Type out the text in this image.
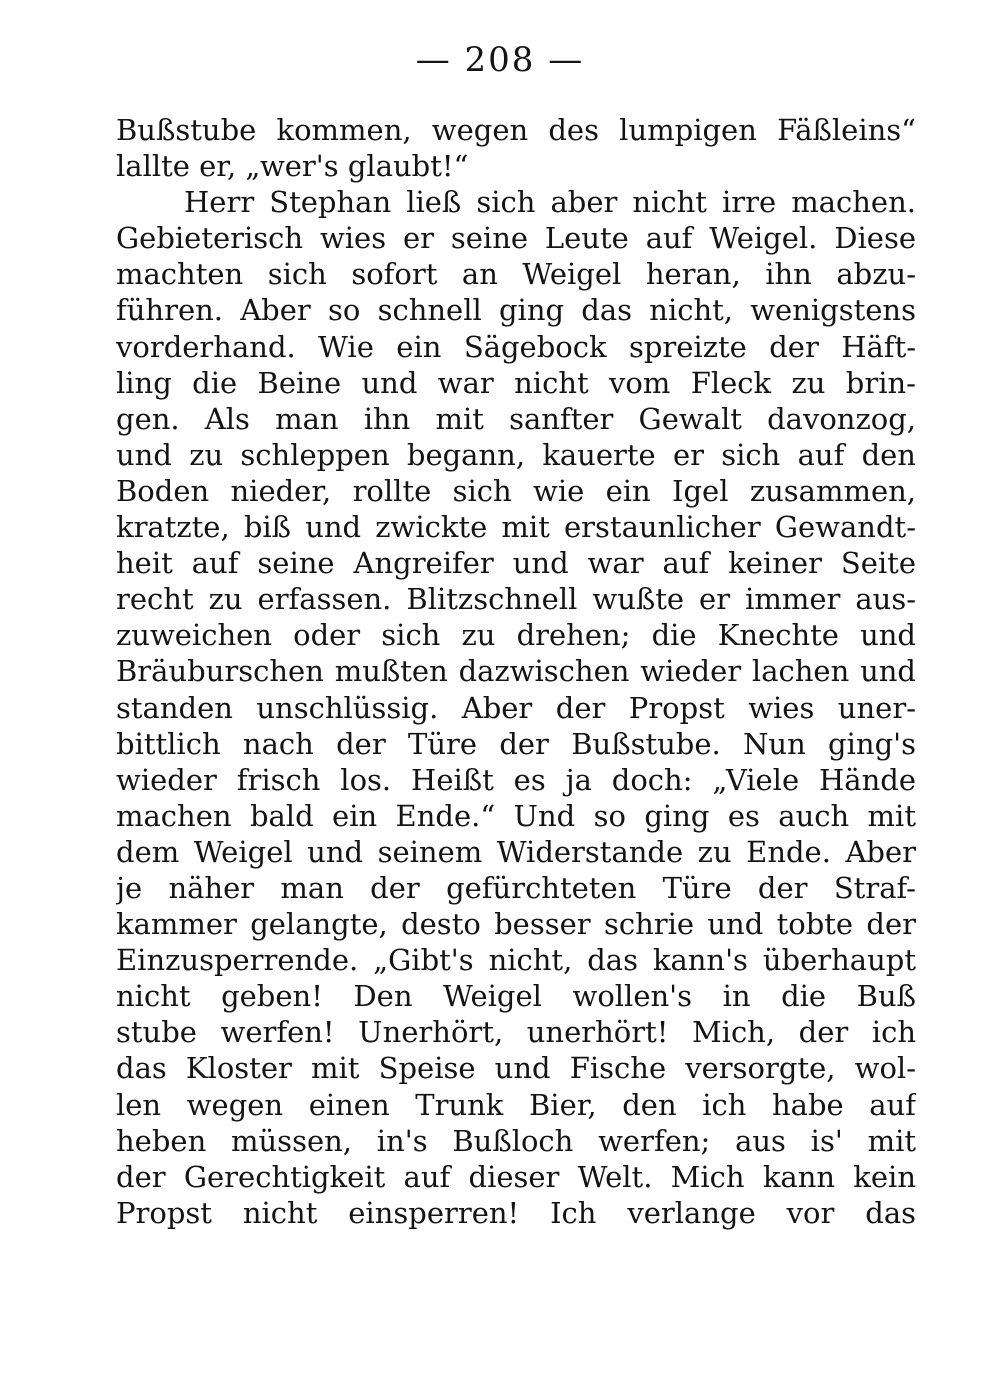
— 208 —
Bußstube kommen, wegen des lumpigen Fäßleins“
lallte er, „wer's glaubt!“
Herr Stephan ließ sich aber nicht irre machen.
Gebieterisch wies er seine Leute auf Weigel. Diese
machten sich sofort an Weigel heran, ihn abzu-
führen. Aber so schnell ging das nicht, wenigstens
vorderhand. Wie ein Sägebock spreizte der Häft-
ling die Beine und war nicht vom Fleck zu brin-
gen. Als man ihn mit sanfter Gewalt davonzog,
und zu schleppen begann, kauerte er sich auf den
Boden nieder, rollte sich wie ein Igel zusammen,
kratzte, biß und zwickte mit erstaunlicher Gewandt-
heit auf seine Angreifer und war auf keiner Seite
recht zu erfassen. Blitzschnell wußte er immer aus-
zuweichen oder sich zu drehen; die Knechte und
Bräuburschen mußten dazwischen wieder lachen und
standen unschlüssig. Aber der Propst wies uner-
bittlich nach der Türe der Bußstube. Nun ging's
wieder frisch los. Heißt es ja doch: „Viele Hände
machen bald ein Ende.“ Und so ging es auch mit
dem Weigel und seinem Widerstande zu Ende. Aber
je näher man der gefürchteten Türe der Straf-
kammer gelangte, desto besser schrie und tobte der
Einzusperrende. „Gibt's nicht, das kann's überhaupt
nicht geben! Den Weigel wollen's in die Buß
stube werfen! Unerhört, unerhört! Mich, der ich
das Kloster mit Speise und Fische versorgte, wol-
len wegen einen Trunk Bier, den ich habe auf
heben müssen, in's Bußloch werfen; aus is' mit
der Gerechtigkeit auf dieser Welt. Mich kann kein
Propst nicht einsperren! Ich verlange vor das
